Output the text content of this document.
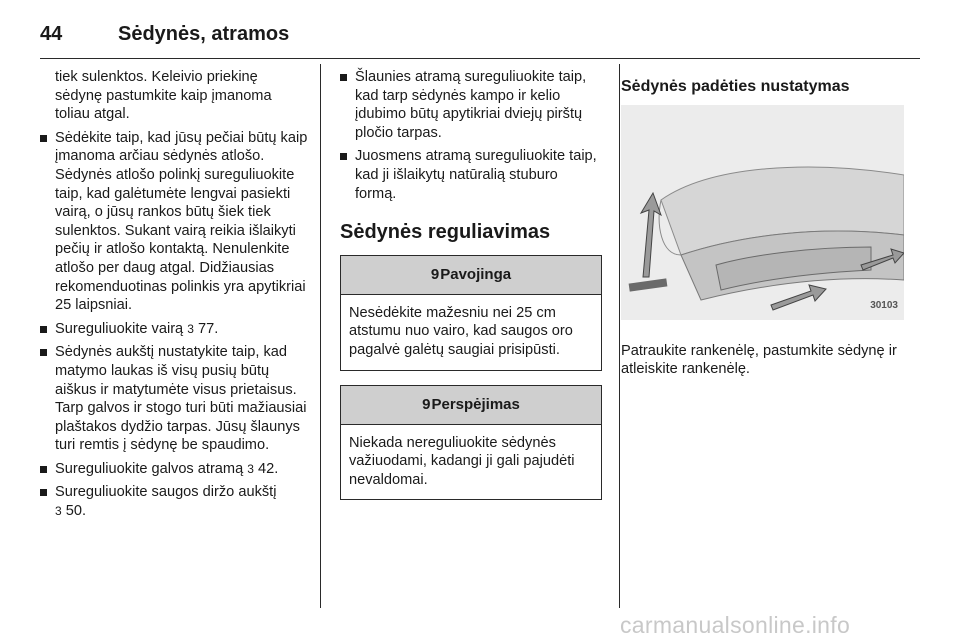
44	Sėdynės, atramos

tiek sulenktos. Keleivio priekinę sėdynę pastumkite kaip įmanoma toliau atgal.

Sėdėkite taip, kad jūsų pečiai būtų kaip įmanoma arčiau sėdynės atlošo. Sėdynės atlošo polinkį sureguliuokite taip, kad galėtumėte lengvai pasiekti vairą, o jūsų rankos būtų šiek tiek sulenktos. Sukant vairą reikia išlaikyti pečių ir atlošo kontaktą. Nenulenkite atlošo per daug atgal. Didžiausias rekomenduotinas polinkis yra apytikriai 25 laipsniai.
Sureguliuokite vairą 3 77.
Sėdynės aukštį nustatykite taip, kad matymo laukas iš visų pusių būtų aiškus ir matytumėte visus prietaisus. Tarp galvos ir stogo turi būti mažiausiai plaštakos dydžio tarpas. Jūsų šlaunys turi remtis į sėdynę be spaudimo.
Sureguliuokite galvos atramą 3 42.
Sureguliuokite saugos diržo aukštį
3 50.
Šlaunies atramą sureguliuokite taip, kad tarp sėdynės kampo ir kelio įdubimo būtų apytikriai dviejų pirštų pločio tarpas.
Juosmens atramą sureguliuokite taip, kad ji išlaikytų natūralią stuburo formą.
Sėdynės reguliavimas
9Pavojinga
Nesėdėkite mažesniu nei 25 cm atstumu nuo vairo, kad saugos oro pagalvė galėtų saugiai prisipūsti.
9Perspėjimas
Niekada nereguliuokite sėdynės važiuodami, kadangi ji gali pajudėti nevaldomai.
Sėdynės padėties nustatymas
30103
Patraukite rankenėlę, pastumkite sėdynę ir atleiskite rankenėlę.
carmanualsonline.info
